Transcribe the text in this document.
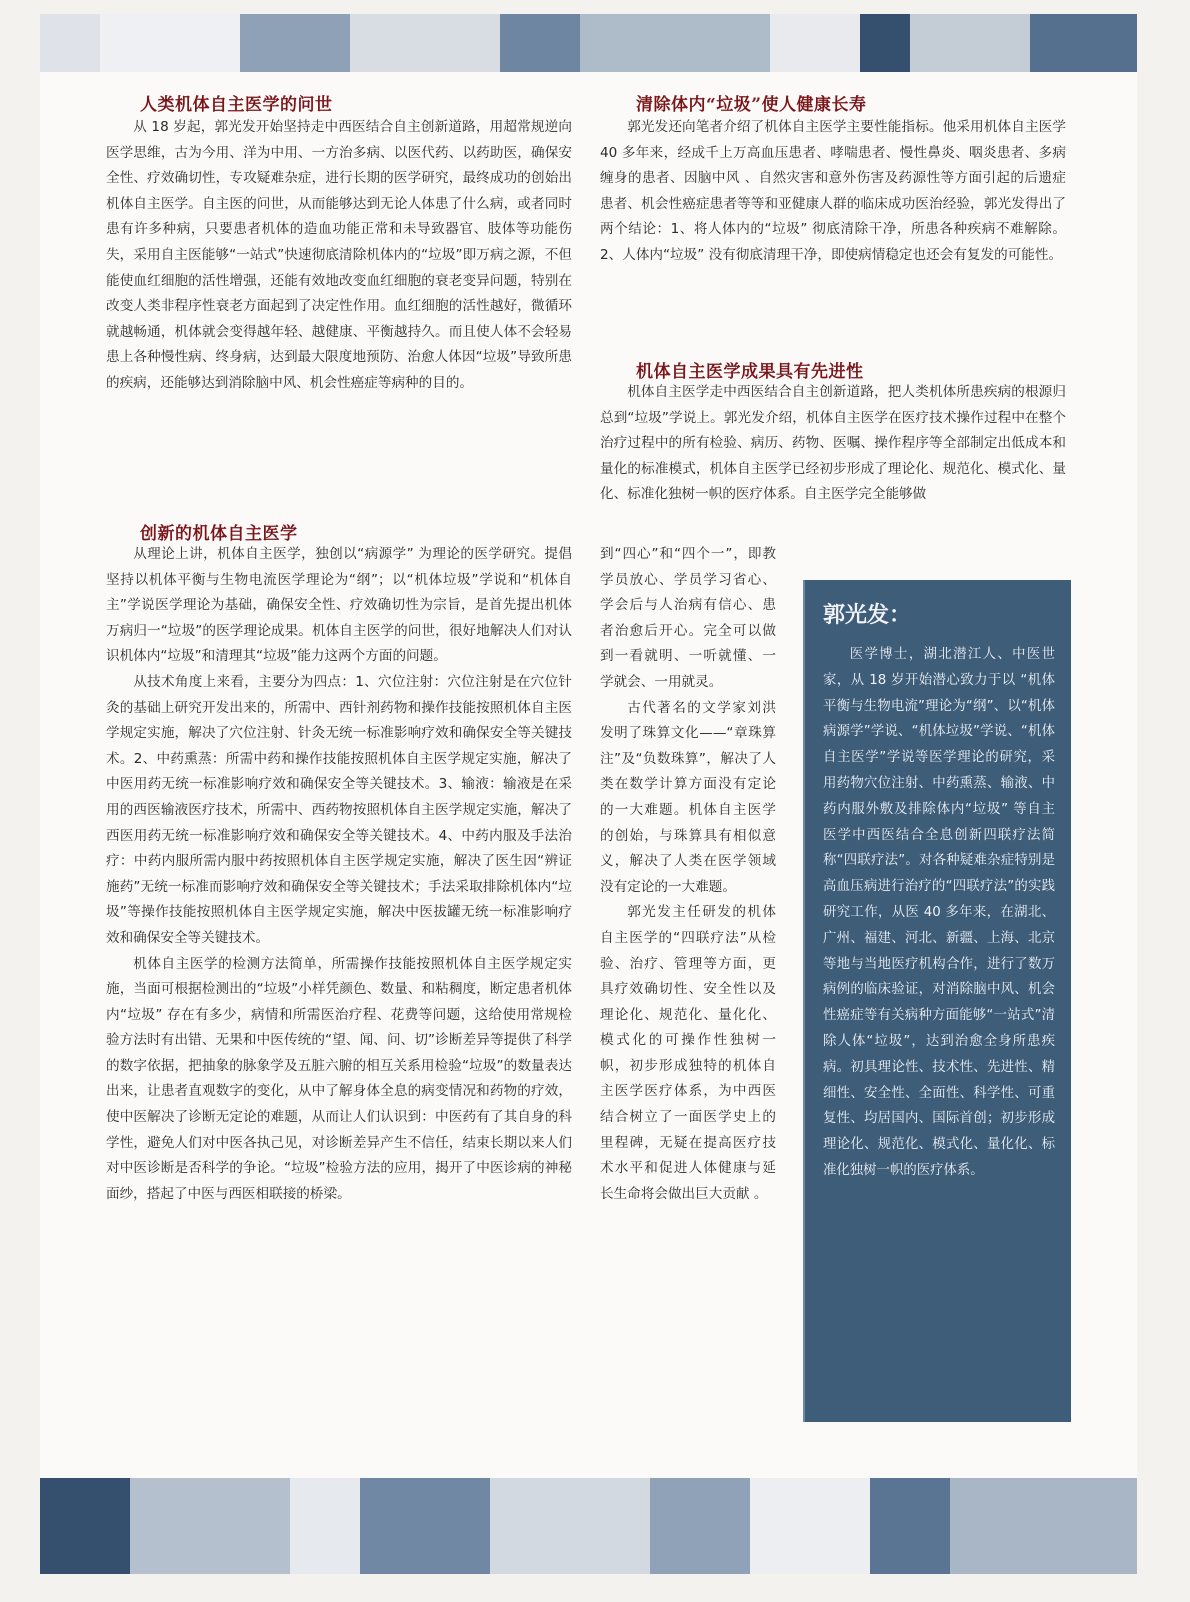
人类机体自主医学的问世

从 18 岁起，郭光发开始坚持走中西医结合自主创新道路，用超常规逆向医学思维，古为今用、洋为中用、一方治多病、以医代药、以药助医，确保安全性、疗效确切性，专攻疑难杂症，进行长期的医学研究，最终成功的创始出机体自主医学。自主医的问世，从而能够达到无论人体患了什么病，或者同时患有许多种病，只要患者机体的造血功能正常和未导致器官、肢体等功能伤失，采用自主医能够“一站式”快速彻底清除机体内的“垃圾”即万病之源，不但能使血红细胞的活性增强，还能有效地改变血红细胞的衰老变异问题，特别在改变人类非程序性衰老方面起到了决定性作用。血红细胞的活性越好，微循环就越畅通，机体就会变得越年轻、越健康、平衡越持久。而且使人体不会轻易患上各种慢性病、终身病，达到最大限度地预防、治愈人体因“垃圾”导致所患的疾病，还能够达到消除脑中风、机会性癌症等病种的目的。

创新的机体自主医学

从理论上讲，机体自主医学，独创以“病源学” 为理论的医学研究。提倡坚持以机体平衡与生物电流医学理论为“纲”；以“机体垃圾”学说和“机体自主”学说医学理论为基础，确保安全性、疗效确切性为宗旨，是首先提出机体万病归一“垃圾”的医学理论成果。机体自主医学的问世，很好地解决人们对认识机体内“垃圾”和清理其“垃圾”能力这两个方面的问题。

从技术角度上来看，主要分为四点：1、穴位注射：穴位注射是在穴位针灸的基础上研究开发出来的，所需中、西针剂药物和操作技能按照机体自主医学规定实施，解决了穴位注射、针灸无统一标准影响疗效和确保安全等关键技术。2、中药熏蒸：所需中药和操作技能按照机体自主医学规定实施，解决了中医用药无统一标准影响疗效和确保安全等关键技术。3、输液：输液是在采用的西医输液医疗技术，所需中、西药物按照机体自主医学规定实施，解决了西医用药无统一标准影响疗效和确保安全等关键技术。4、中药内服及手法治疗：中药内服所需内服中药按照机体自主医学规定实施，解决了医生因“辨证施药”无统一标准而影响疗效和确保安全等关键技术；手法采取排除机体内“垃圾”等操作技能按照机体自主医学规定实施，解决中医拔罐无统一标准影响疗效和确保安全等关键技术。

机体自主医学的检测方法简单，所需操作技能按照机体自主医学规定实施，当面可根据检测出的“垃圾”小样凭颜色、数量、和粘稠度，断定患者机体内“垃圾” 存在有多少，病情和所需医治疗程、花费等问题，这给使用常规检验方法时有出错、无果和中医传统的“望、闻、问、切”诊断差异等提供了科学的数字依据，把抽象的脉象学及五脏六腑的相互关系用检验“垃圾”的数量表达出来，让患者直观数字的变化，从中了解身体全息的病变情况和药物的疗效，使中医解决了诊断无定论的难题，从而让人们认识到：中医药有了其自身的科学性，避免人们对中医各执己见，对诊断差异产生不信任，结束长期以来人们对中医诊断是否科学的争论。“垃圾”检验方法的应用，揭开了中医诊病的神秘面纱，搭起了中医与西医相联接的桥梁。

清除体内“垃圾”使人健康长寿

郭光发还向笔者介绍了机体自主医学主要性能指标。他采用机体自主医学 40 多年来，经成千上万高血压患者、哮喘患者、慢性鼻炎、咽炎患者、多病缠身的患者、因脑中风 、自然灾害和意外伤害及药源性等方面引起的后遗症患者、机会性癌症患者等等和亚健康人群的临床成功医治经验，郭光发得出了两个结论：1、将人体内的“垃圾” 彻底清除干净，所患各种疾病不难解除。 2、人体内“垃圾” 没有彻底清理干净，即使病情稳定也还会有复发的可能性。

机体自主医学成果具有先进性

机体自主医学走中西医结合自主创新道路，把人类机体所患疾病的根源归总到“垃圾”学说上。郭光发介绍，机体自主医学在医疗技术操作过程中在整个治疗过程中的所有检验、病历、药物、医嘱、操作程序等全部制定出低成本和量化的标准模式，机体自主医学已经初步形成了理论化、规范化、模式化、量化、标准化独树一帜的医疗体系。自主医学完全能够做

到“四心”和“四个一”，即教学员放心、学员学习省心、学会后与人治病有信心、患者治愈后开心。完全可以做到一看就明、一听就懂、一学就会、一用就灵。

古代著名的文学家刘洪发明了珠算文化——“章珠算注”及“负数珠算”，解决了人类在数学计算方面没有定论的一大难题。机体自主医学的创始，与珠算具有相似意义，解决了人类在医学领域没有定论的一大难题。

郭光发主任研发的机体自主医学的“四联疗法”从检验、治疗、管理等方面，更具疗效确切性、安全性以及理论化、规范化、量化化、模式化的可操作性独树一帜，初步形成独特的机体自主医学医疗体系，为中西医结合树立了一面医学史上的里程碑，无疑在提高医疗技术水平和促进人体健康与延长生命将会做出巨大贡献 。

郭光发：

医学博士，湖北潜江人、中医世家，从 18 岁开始潜心致力于以 “机体平衡与生物电流”理论为“纲”、以“机体病源学”学说、“机体垃圾”学说、“机体自主医学”学说等医学理论的研究，采用药物穴位注射、中药熏蒸、输液、中药内服外敷及排除体内“垃圾” 等自主医学中西医结合全息创新四联疗法简称“四联疗法”。对各种疑难杂症特别是高血压病进行治疗的“四联疗法”的实践研究工作，从医 40 多年来，在湖北、广州、福建、河北、新疆、上海、北京等地与当地医疗机构合作，进行了数万病例的临床验证，对消除脑中风、机会性癌症等有关病种方面能够“一站式”清除人体“垃圾”，达到治愈全身所患疾病。初具理论性、技术性、先进性、精细性、安全性、全面性、科学性、可重复性、均居国内、国际首创；初步形成理论化、规范化、模式化、量化化、标准化独树一帜的医疗体系。
